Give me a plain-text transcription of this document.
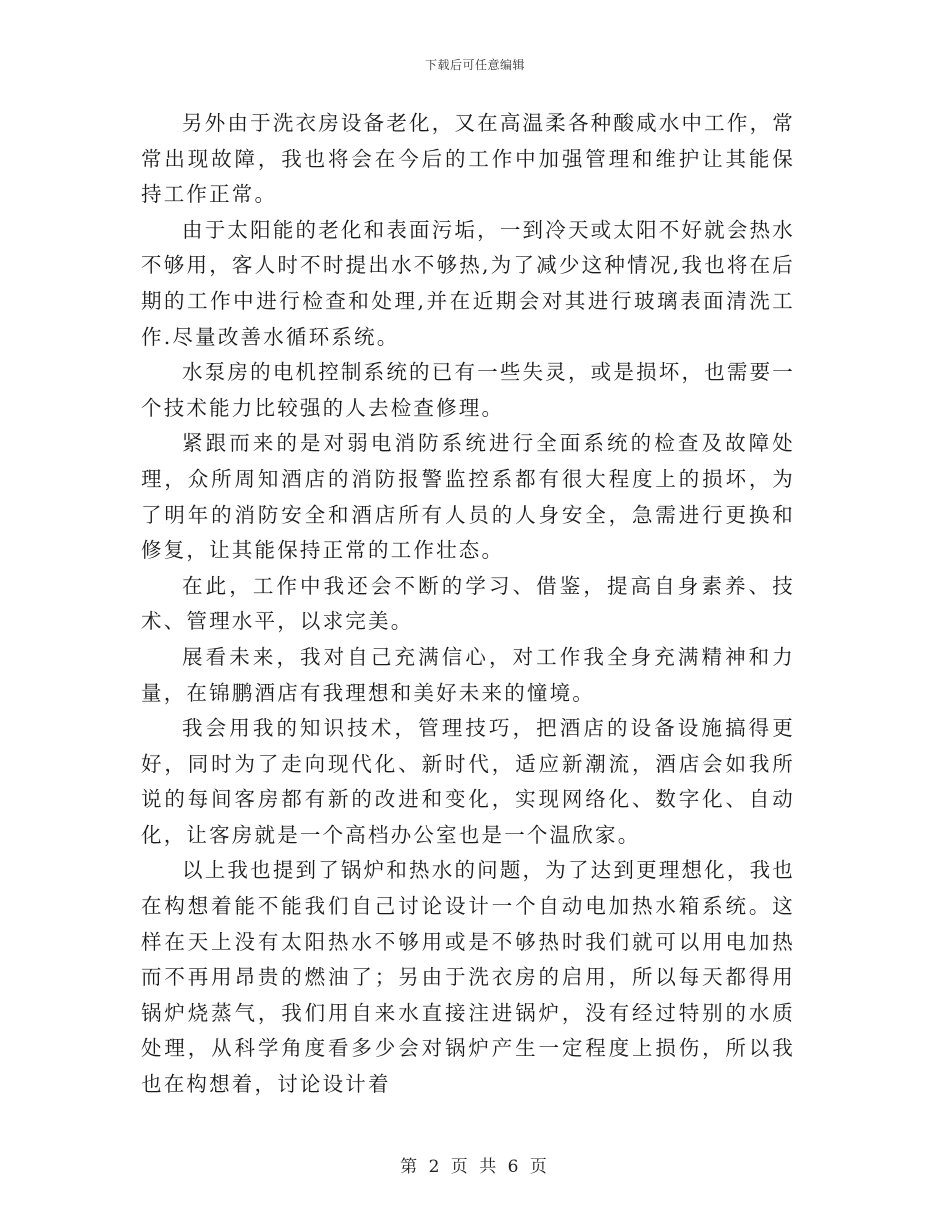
下载后可任意编辑

另外由于洗衣房设备老化，又在高温柔各种酸咸水中工作，常常出现故障，我也将会在今后的工作中加强管理和维护让其能保持工作正常。

由于太阳能的老化和表面污垢，一到冷天或太阳不好就会热水不够用，客人时不时提出水不够热,为了减少这种情况,我也将在后期的工作中进行检查和处理,并在近期会对其进行玻璃表面清洗工作.尽量改善水循环系统。

水泵房的电机控制系统的已有一些失灵，或是损坏，也需要一个技术能力比较强的人去检查修理。

紧跟而来的是对弱电消防系统进行全面系统的检查及故障处理，众所周知酒店的消防报警监控系都有很大程度上的损坏，为了明年的消防安全和酒店所有人员的人身安全，急需进行更换和修复，让其能保持正常的工作壮态。

在此，工作中我还会不断的学习、借鉴，提高自身素养、技术、管理水平，以求完美。

展看未来，我对自己充满信心，对工作我全身充满精神和力量，在锦鹏酒店有我理想和美好未来的憧境。

我会用我的知识技术，管理技巧，把酒店的设备设施搞得更好，同时为了走向现代化、新时代，适应新潮流，酒店会如我所说的每间客房都有新的改进和变化，实现网络化、数字化、自动化，让客房就是一个高档办公室也是一个温欣家。

以上我也提到了锅炉和热水的问题，为了达到更理想化，我也在构想着能不能我们自己讨论设计一个自动电加热水箱系统。这样在天上没有太阳热水不够用或是不够热时我们就可以用电加热而不再用昂贵的燃油了；另由于洗衣房的启用，所以每天都得用锅炉烧蒸气，我们用自来水直接注进锅炉，没有经过特别的水质处理，从科学角度看多少会对锅炉产生一定程度上损伤，所以我也在构想着，讨论设计着

第 2 页 共 6 页
